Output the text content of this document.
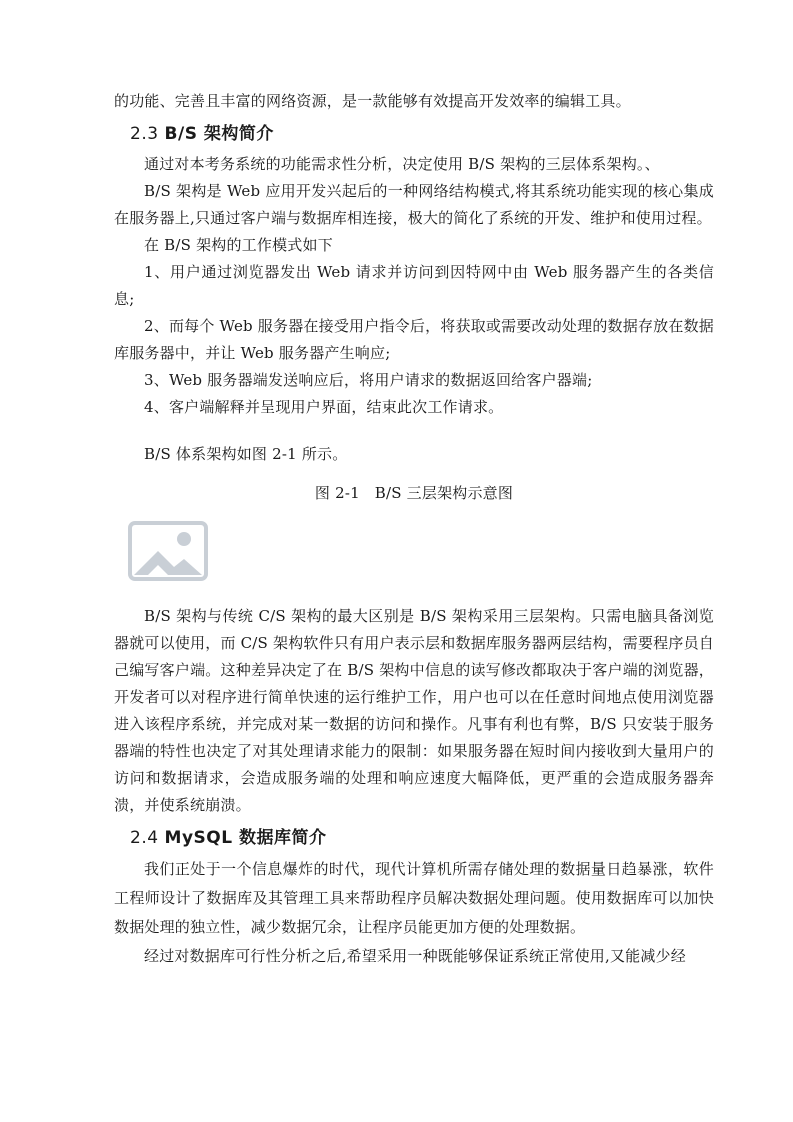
的功能、完善且丰富的网络资源，是一款能够有效提高开发效率的编辑工具。

2.3 B/S 架构简介

通过对本考务系统的功能需求性分析，决定使用 B/S 架构的三层体系架构。、

B/S 架构是 Web 应用开发兴起后的一种网络结构模式,将其系统功能实现的核心集成在服务器上,只通过客户端与数据库相连接，极大的简化了系统的开发、维护和使用过程。

在 B/S 架构的工作模式如下

1、用户通过浏览器发出 Web 请求并访问到因特网中由 Web 服务器产生的各类信息;

2、而每个 Web 服务器在接受用户指令后，将获取或需要改动处理的数据存放在数据库服务器中，并让 Web 服务器产生响应;

3、Web 服务器端发送响应后，将用户请求的数据返回给客户器端;

4、客户端解释并呈现用户界面，结束此次工作请求。

B/S 体系架构如图 2-1 所示。

图 2-1   B/S 三层架构示意图

B/S 架构与传统 C/S 架构的最大区别是 B/S 架构采用三层架构。只需电脑具备浏览器就可以使用，而 C/S 架构软件只有用户表示层和数据库服务器两层结构，需要程序员自己编写客户端。这种差异决定了在 B/S 架构中信息的读写修改都取决于客户端的浏览器，开发者可以对程序进行简单快速的运行维护工作，用户也可以在任意时间地点使用浏览器进入该程序系统，并完成对某一数据的访问和操作。凡事有利也有弊，B/S 只安装于服务器端的特性也决定了对其处理请求能力的限制：如果服务器在短时间内接收到大量用户的访问和数据请求，会造成服务端的处理和响应速度大幅降低，更严重的会造成服务器奔溃，并使系统崩溃。

2.4 MySQL 数据库简介

我们正处于一个信息爆炸的时代，现代计算机所需存储处理的数据量日趋暴涨，软件工程师设计了数据库及其管理工具来帮助程序员解决数据处理问题。使用数据库可以加快数据处理的独立性，减少数据冗余，让程序员能更加方便的处理数据。

经过对数据库可行性分析之后,希望采用一种既能够保证系统正常使用,又能减少经
